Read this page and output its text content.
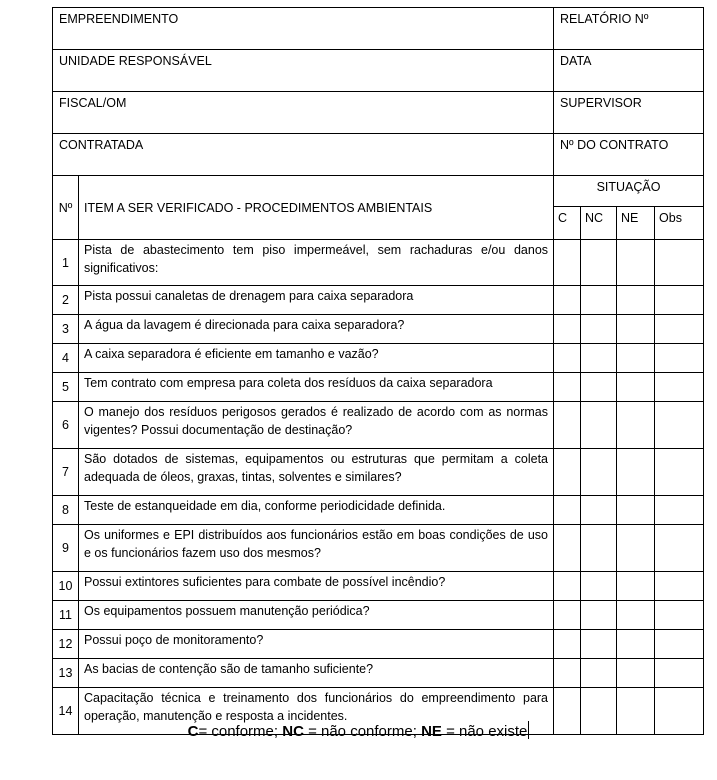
EMPREENDIMENTO		RELATÓRIO Nº			
UNIDADE RESPONSÁVEL		DATA			
FISCAL/OM		SUPERVISOR			
CONTRATADA		Nº DO CONTRATO			
Nº	ITEM A SER VERIFICADO - PROCEDIMENTOS AMBIENTAIS	SITUAÇÃO			
		C	NC	NE	Obs
1	Pista de abastecimento tem piso impermeável, sem rachaduras e/ou danos significativos:				
2	Pista possui canaletas de drenagem para caixa separadora				
3	A água da lavagem é direcionada para caixa separadora?				
4	A caixa separadora é eficiente em tamanho e vazão?				
5	Tem contrato com empresa para coleta dos resíduos da caixa separadora				
6	O manejo dos resíduos perigosos gerados é realizado de acordo com as normas vigentes? Possui documentação de destinação?				
7	São dotados de sistemas, equipamentos ou estruturas que permitam a coleta adequada de óleos, graxas, tintas, solventes e similares?				
8	Teste de estanqueidade em dia, conforme periodicidade definida.				
9	Os uniformes e EPI distribuídos aos funcionários estão em boas condições de uso e os funcionários fazem uso dos mesmos?				
10	Possui extintores suficientes para combate de possível incêndio?				
11	Os equipamentos possuem manutenção periódica?				
12	Possui poço de monitoramento?				
13	As bacias de contenção são de tamanho suficiente?				
14	Capacitação técnica e treinamento dos funcionários do empreendimento para operação, manutenção e resposta a incidentes.				
C= conforme; NC = não conforme; NE = não existe
